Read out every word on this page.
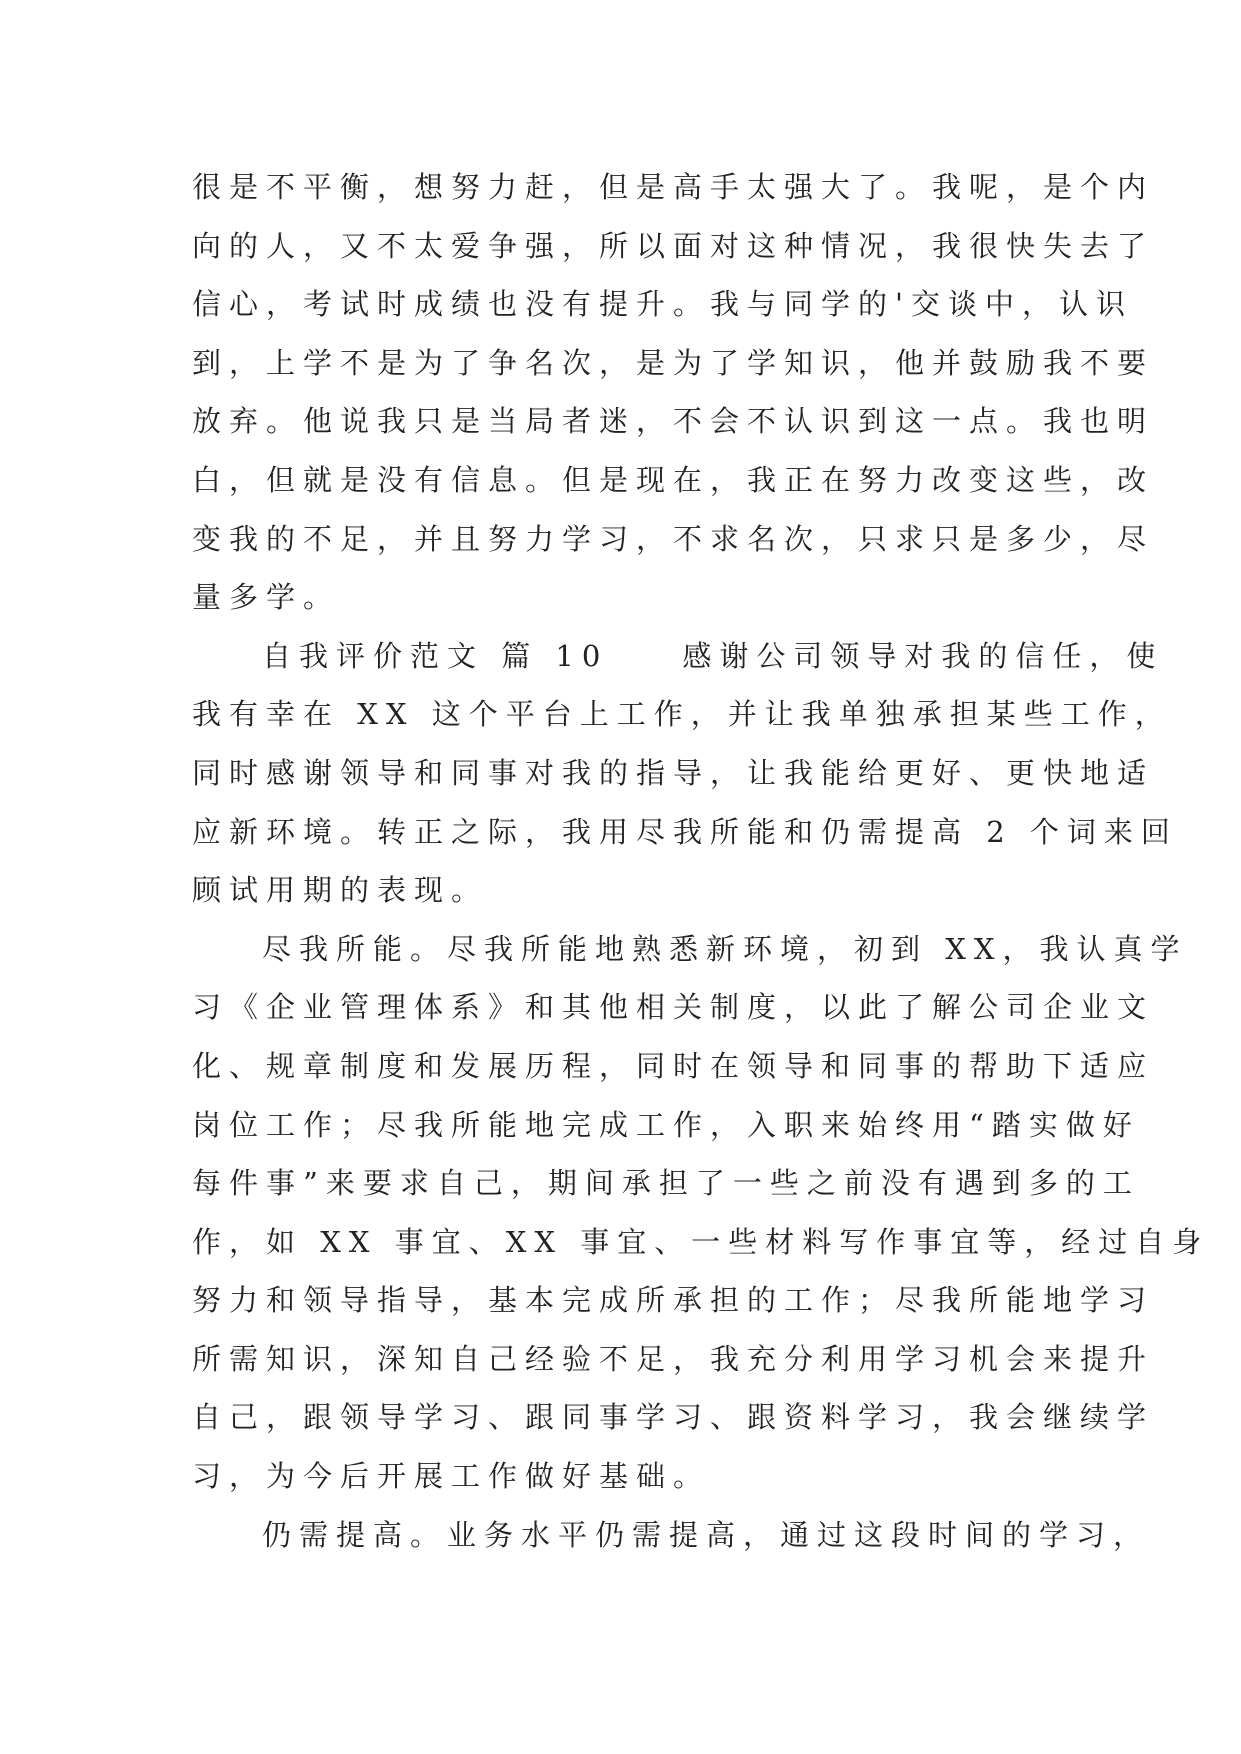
很是不平衡，想努力赶，但是高手太强大了。我呢，是个内
向的人，又不太爱争强，所以面对这种情况，我很快失去了
信心，考试时成绩也没有提升。我与同学的'交谈中，认识
到，上学不是为了争名次，是为了学知识，他并鼓励我不要
放弃。他说我只是当局者迷，不会不认识到这一点。我也明
白，但就是没有信息。但是现在，我正在努力改变这些，改
变我的不足，并且努力学习，不求名次，只求只是多少，尽
量多学。
自我评价范文 篇 10　　感谢公司领导对我的信任，使
我有幸在 XX 这个平台上工作，并让我单独承担某些工作，
同时感谢领导和同事对我的指导，让我能给更好、更快地适
应新环境。转正之际，我用尽我所能和仍需提高 2 个词来回
顾试用期的表现。
尽我所能。尽我所能地熟悉新环境，初到 XX，我认真学
习《企业管理体系》和其他相关制度，以此了解公司企业文
化、规章制度和发展历程，同时在领导和同事的帮助下适应
岗位工作；尽我所能地完成工作，入职来始终用“踏实做好
每件事”来要求自己，期间承担了一些之前没有遇到多的工
作，如 XX 事宜、XX 事宜、一些材料写作事宜等，经过自身
努力和领导指导，基本完成所承担的工作；尽我所能地学习
所需知识，深知自己经验不足，我充分利用学习机会来提升
自己，跟领导学习、跟同事学习、跟资料学习，我会继续学
习，为今后开展工作做好基础。
仍需提高。业务水平仍需提高，通过这段时间的学习，
